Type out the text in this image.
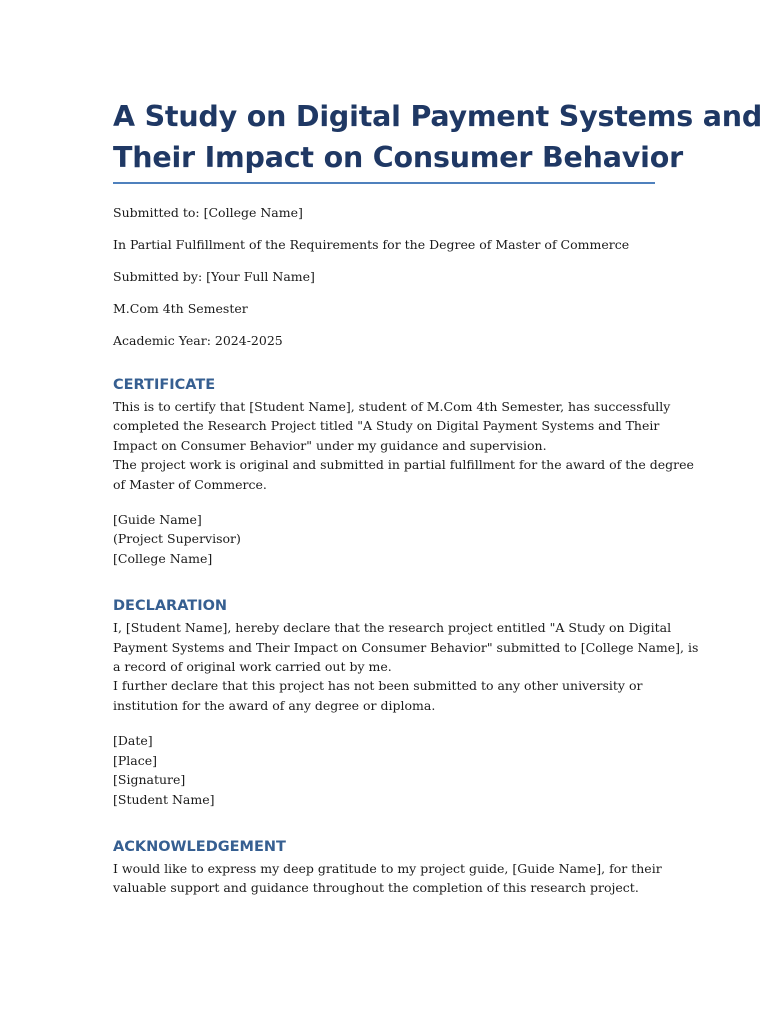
A Study on Digital Payment Systems and
Their Impact on Consumer Behavior

Submitted to: [College Name]

In Partial Fulfillment of the Requirements for the Degree of Master of Commerce

Submitted by: [Your Full Name]

M.Com 4th Semester

Academic Year: 2024-2025

CERTIFICATE

This is to certify that [Student Name], student of M.Com 4th Semester, has successfully
completed the Research Project titled "A Study on Digital Payment Systems and Their
Impact on Consumer Behavior" under my guidance and supervision.
The project work is original and submitted in partial fulfillment for the award of the degree
of Master of Commerce.

[Guide Name]
(Project Supervisor)
[College Name]

DECLARATION

I, [Student Name], hereby declare that the research project entitled "A Study on Digital
Payment Systems and Their Impact on Consumer Behavior" submitted to [College Name], is
a record of original work carried out by me.
I further declare that this project has not been submitted to any other university or
institution for the award of any degree or diploma.

[Date]
[Place]
[Signature]
[Student Name]

ACKNOWLEDGEMENT

I would like to express my deep gratitude to my project guide, [Guide Name], for their
valuable support and guidance throughout the completion of this research project.
